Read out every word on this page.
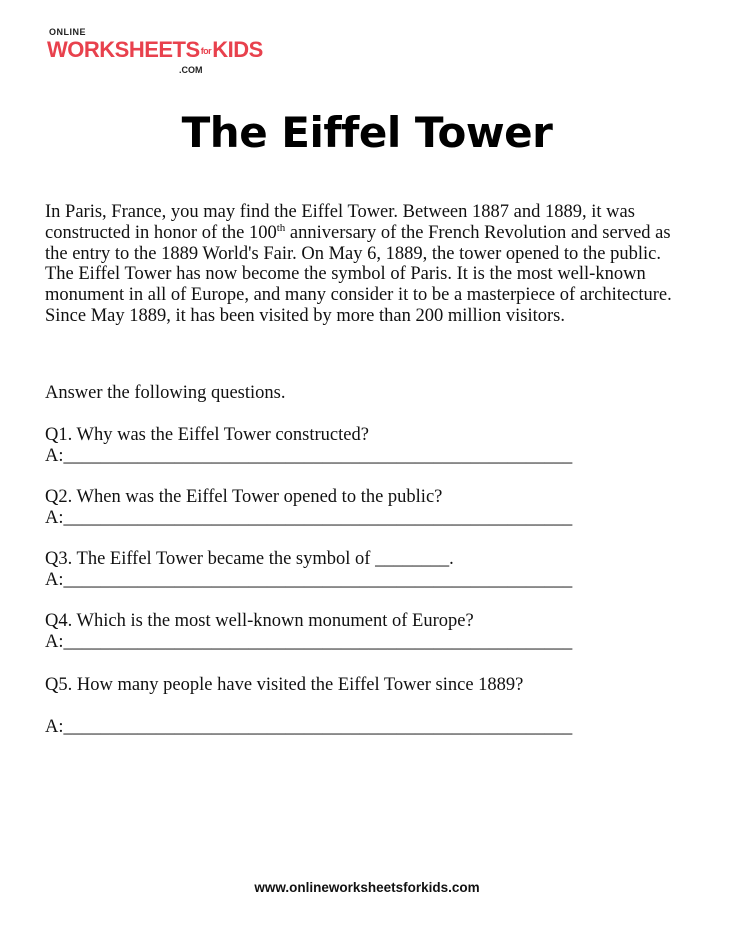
ONLINE
WORKSHEETSforKIDS
.COM
The Eiffel Tower
In Paris, France, you may find the Eiffel Tower. Between 1887 and 1889, it was constructed in honor of the 100th anniversary of the French Revolution and served as the entry to the 1889 World's Fair. On May 6, 1889, the tower opened to the public. The Eiffel Tower has now become the symbol of Paris. It is the most well-known monument in all of Europe, and many consider it to be a masterpiece of architecture. Since May 1889, it has been visited by more than 200 million visitors.
Answer the following questions.
Q1. Why was the Eiffel Tower constructed?
A:_______________________________________________________
Q2. When was the Eiffel Tower opened to the public?
A:_______________________________________________________
Q3. The Eiffel Tower became the symbol of ________.
A:_______________________________________________________
Q4. Which is the most well-known monument of Europe?
A:_______________________________________________________
Q5. How many people have visited the Eiffel Tower since 1889?
A:_______________________________________________________
www.onlineworksheetsforkids.com
